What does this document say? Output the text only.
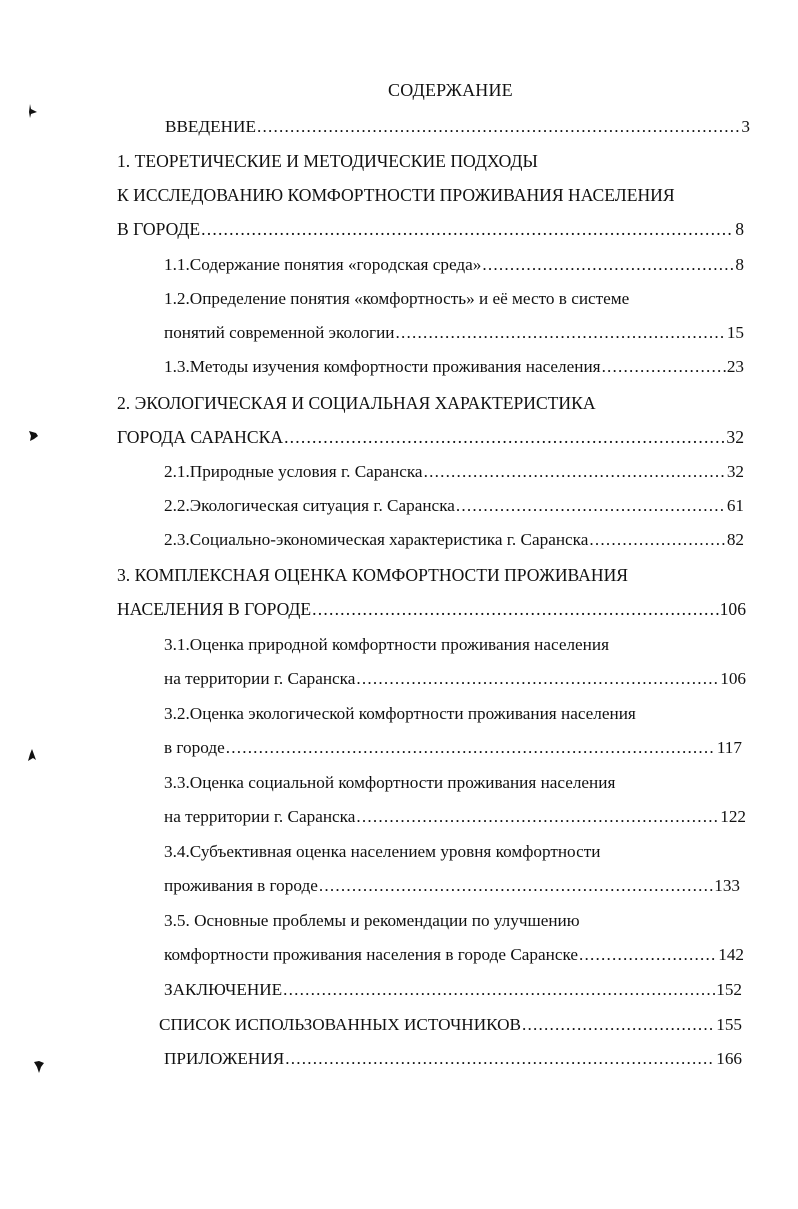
СОДЕРЖАНИЕ
ВВЕДЕНИЕ .....	3
1. ТЕОРЕТИЧЕСКИЕ И МЕТОДИЧЕСКИЕ ПОДХОДЫ
К ИССЛЕДОВАНИЮ КОМФОРТНОСТИ ПРОЖИВАНИЯ НАСЕЛЕНИЯ
В ГОРОДЕ .....	8
1.1.Содержание понятия «городская среда» .....	8
1.2.Определение понятия «комфортность» и её место в системе
понятий современной экологии .....	15
1.3.Методы изучения комфортности проживания населения .....	23
2. ЭКОЛОГИЧЕСКАЯ И СОЦИАЛЬНАЯ ХАРАКТЕРИСТИКА
ГОРОДА САРАНСКА .....	32
2.1.Природные условия г. Саранска .....	32
2.2.Экологическая ситуация г. Саранска .....	61
2.3.Социально-экономическая характеристика г. Саранска .....	82
3. КОМПЛЕКСНАЯ ОЦЕНКА КОМФОРТНОСТИ ПРОЖИВАНИЯ
НАСЕЛЕНИЯ В ГОРОДЕ .....	106
3.1.Оценка природной комфортности проживания населения
на территории г. Саранска .....	106
3.2.Оценка экологической комфортности проживания населения
в городе .....	117
3.3.Оценка социальной комфортности проживания населения
на территории г. Саранска .....	122
3.4.Субъективная оценка населением уровня комфортности
проживания в городе .....	133
3.5. Основные проблемы и рекомендации по улучшению
комфортности проживания населения в городе Саранске .....	142
ЗАКЛЮЧЕНИЕ .....	152
СПИСОК ИСПОЛЬЗОВАННЫХ ИСТОЧНИКОВ .....	155
ПРИЛОЖЕНИЯ .....	166
